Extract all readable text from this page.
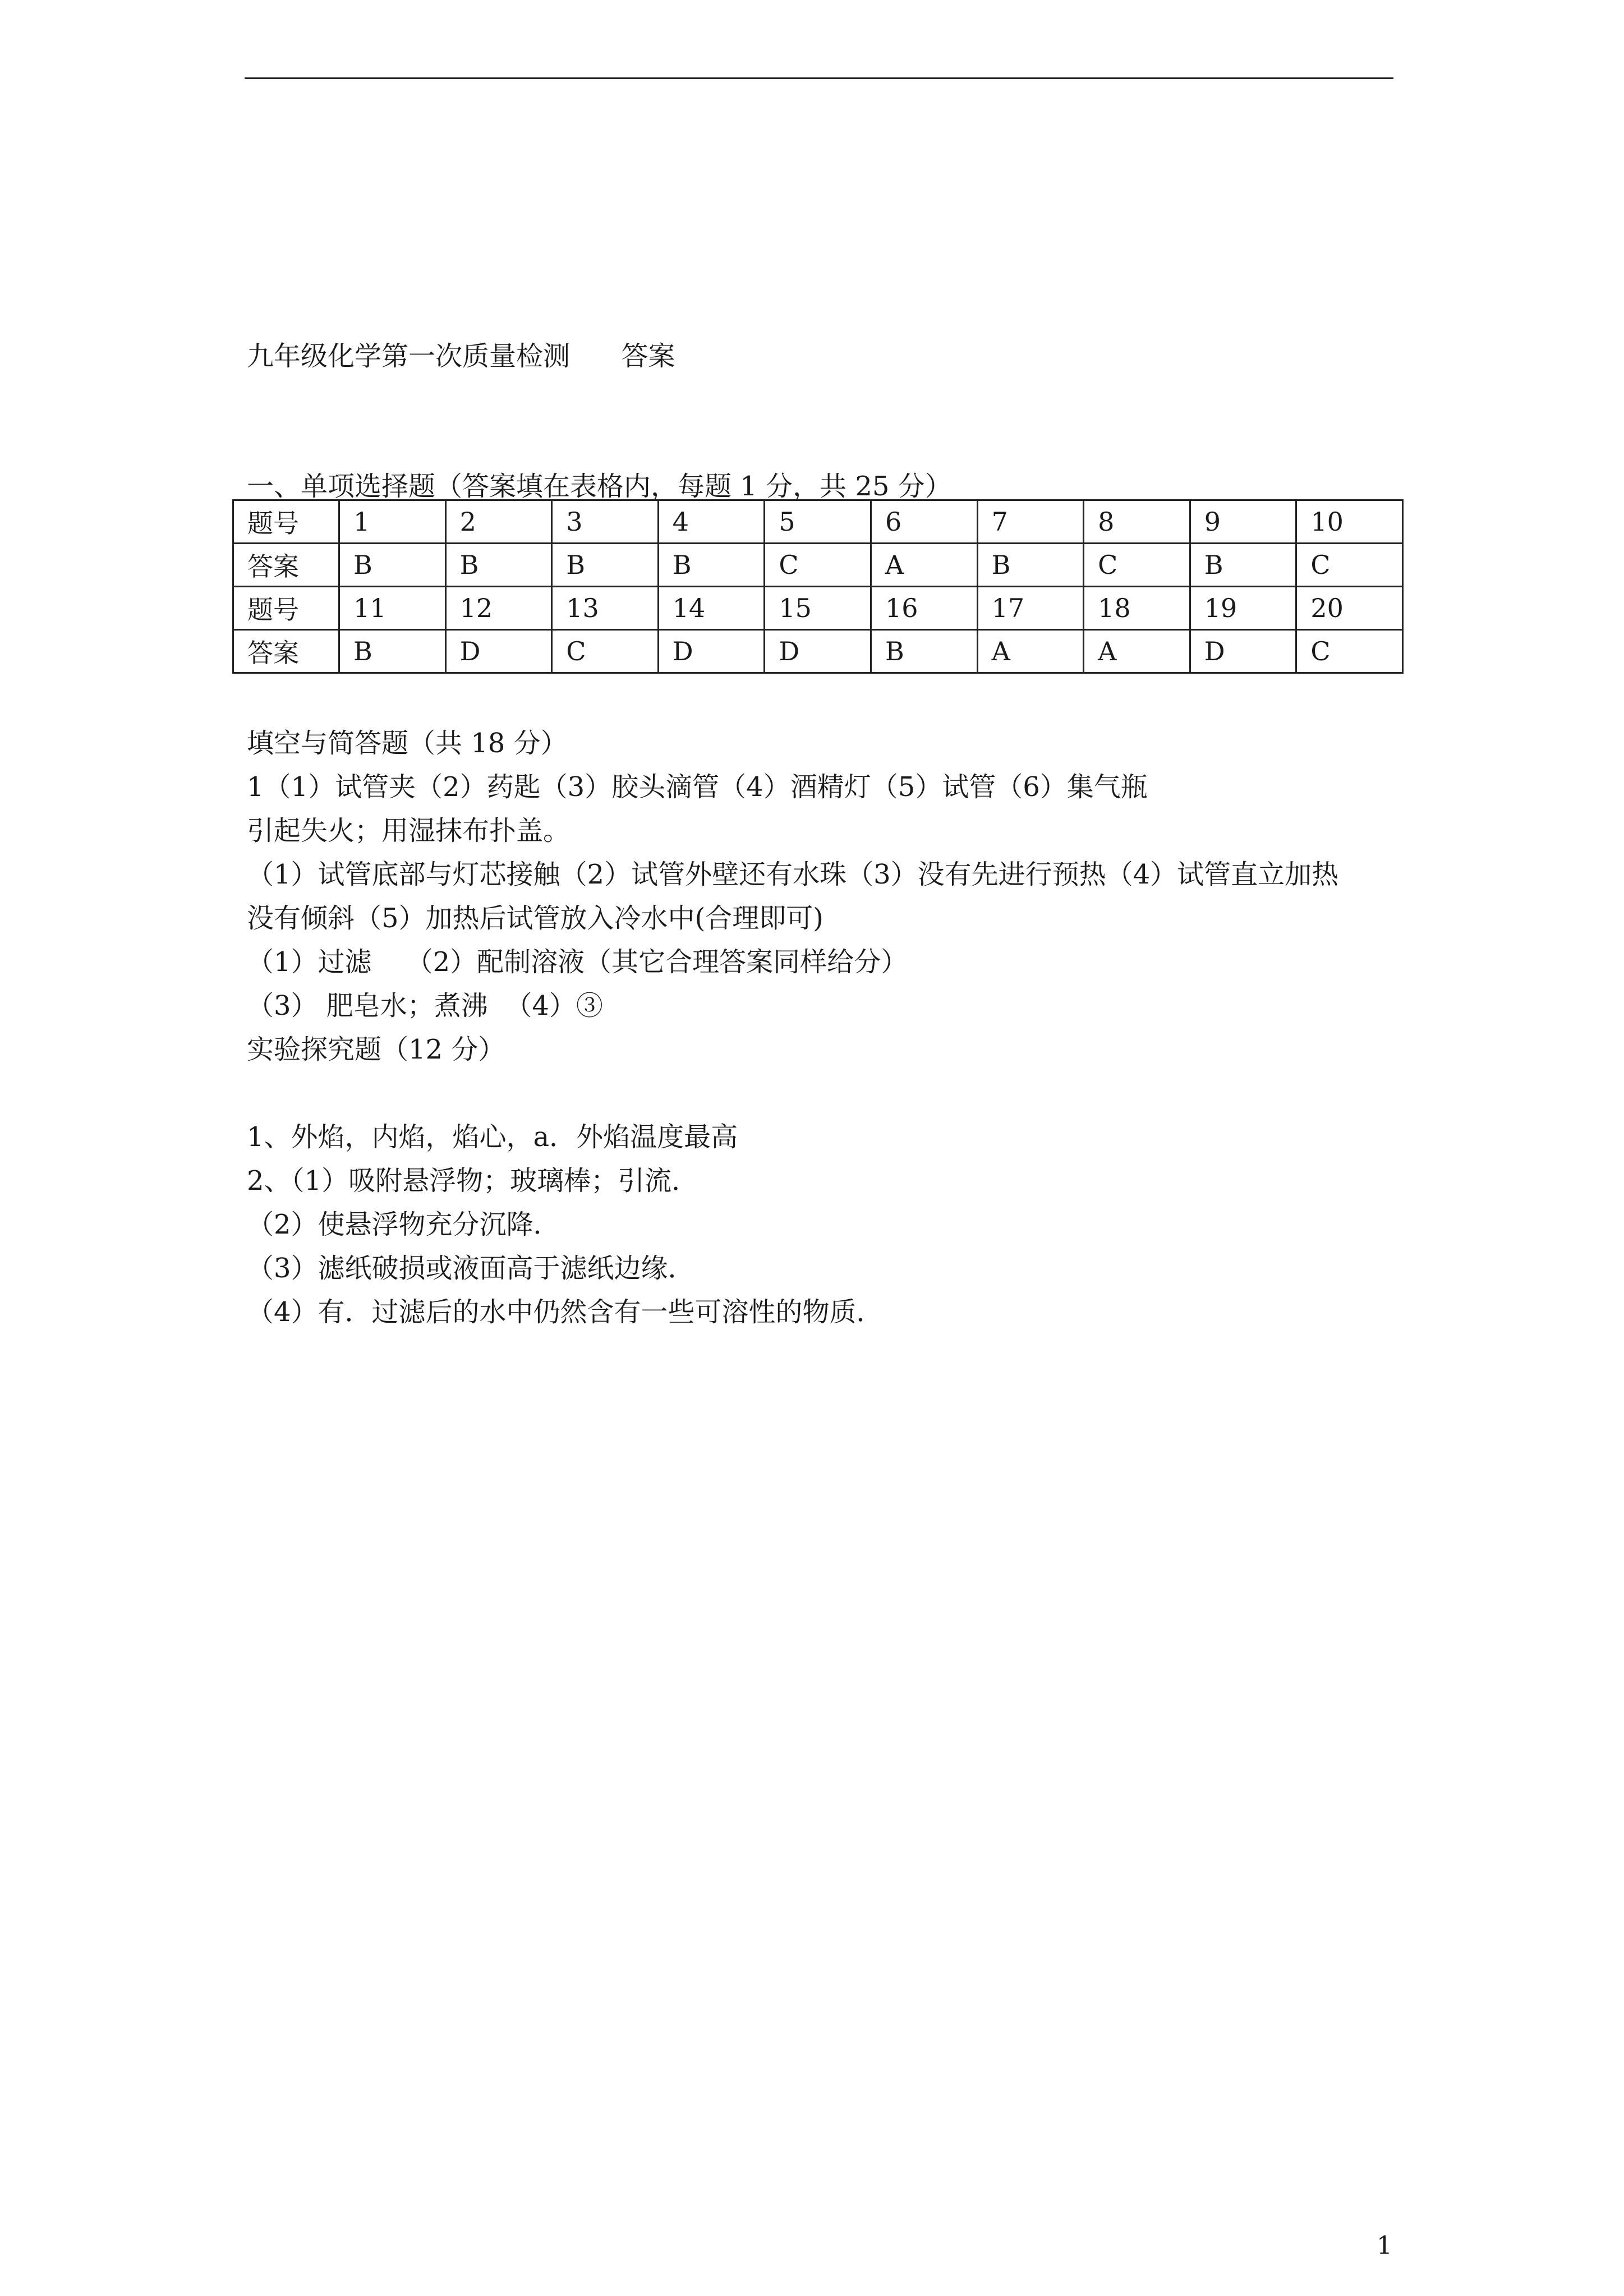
九年级化学第一次质量检测      答案
一、单项选择题（答案填在表格内，每题 1 分，共 25 分）
题号	1	2	3	4	5	6	7	8	9	10
答案	B	B	B	B	C	A	B	C	B	C
题号	11	12	13	14	15	16	17	18	19	20
答案	B	D	C	D	D	B	A	A	D	C
填空与简答题（共 18 分）
1（1）试管夹（2）药匙（3）胶头滴管（4）酒精灯（5）试管（6）集气瓶
引起失火；用湿抹布扑盖。
（1）试管底部与灯芯接触（2）试管外壁还有水珠（3）没有先进行预热（4）试管直立加热
没有倾斜（5）加热后试管放入冷水中(合理即可)
（1）过滤    （2）配制溶液（其它合理答案同样给分）
（3） 肥皂水；煮沸  （4）③
实验探究题（12 分）
1、外焰，内焰，焰心，a．外焰温度最高
2、（1）吸附悬浮物；玻璃棒；引流．
（2）使悬浮物充分沉降．
（3）滤纸破损或液面高于滤纸边缘．
（4）有．过滤后的水中仍然含有一些可溶性的物质．
1
